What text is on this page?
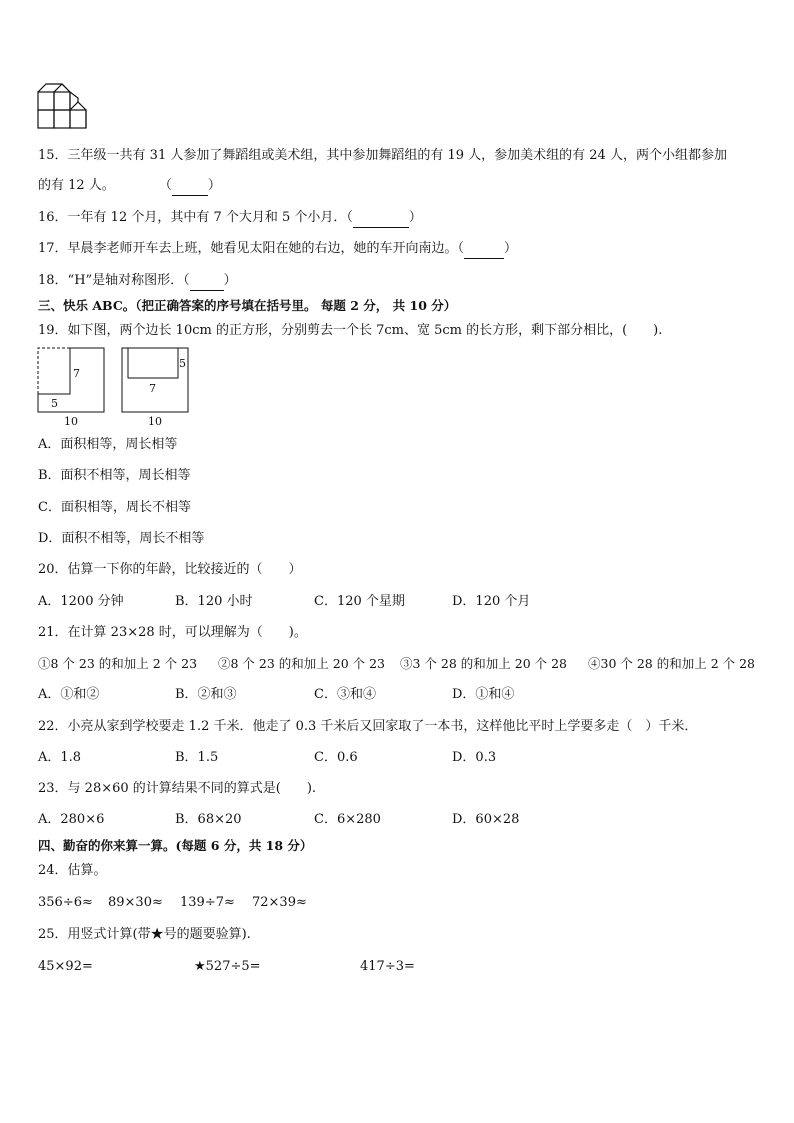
15．三年级一共有 31 人参加了舞蹈组或美术组，其中参加舞蹈组的有 19 人，参加美术组的有 24 人，两个小组都参加
的有 12 人。	（	）
16．一年有 12 个月，其中有 7 个大月和 5 个小月．（	）
17．早晨李老师开车去上班，她看见太阳在她的右边，她的车开向南边。（	）
18．“H”是轴对称图形．（	）
三、快乐 ABC。（把正确答案的序号填在括号里。 每题 2 分， 共 10 分）
19．如下图，两个边长 10cm 的正方形，分别剪去一个长 7cm、宽 5cm 的长方形，剩下部分相比，(　　).
7
5
10
5
7
10
A．面积相等，周长相等
B．面积不相等，周长相等
C．面积相等，周长不相等
D．面积不相等，周长不相等
20．估算一下你的年龄，比较接近的（　　）
A．1200 分钟	B．120 小时	C．120 个星期	D．120 个月
21．在计算 23×28 时，可以理解为（　　)。
①8 个 23 的和加上 2 个 23 ②8 个 23 的和加上 20 个 23 ③3 个 28 的和加上 20 个 28 ④30 个 28 的和加上 2 个 28
A．①和②	B．②和③	C．③和④	D．①和④
22．小亮从家到学校要走 1.2 千米．他走了 0.3 千米后又回家取了一本书，这样他比平时上学要多走（　）千米．
A．1.8	B．1.5	C．0.6	D．0.3
23．与 28×60 的计算结果不同的算式是(　　).
A．280×6	B．68×20	C．6×280	D．60×28
四、勤奋的你来算一算。(每题 6 分，共 18 分）
24．估算。
356÷6≈ 89×30≈ 139÷7≈ 72×39≈
25．用竖式计算(带★号的题要验算).
45×92=	★527÷5=	417÷3=
